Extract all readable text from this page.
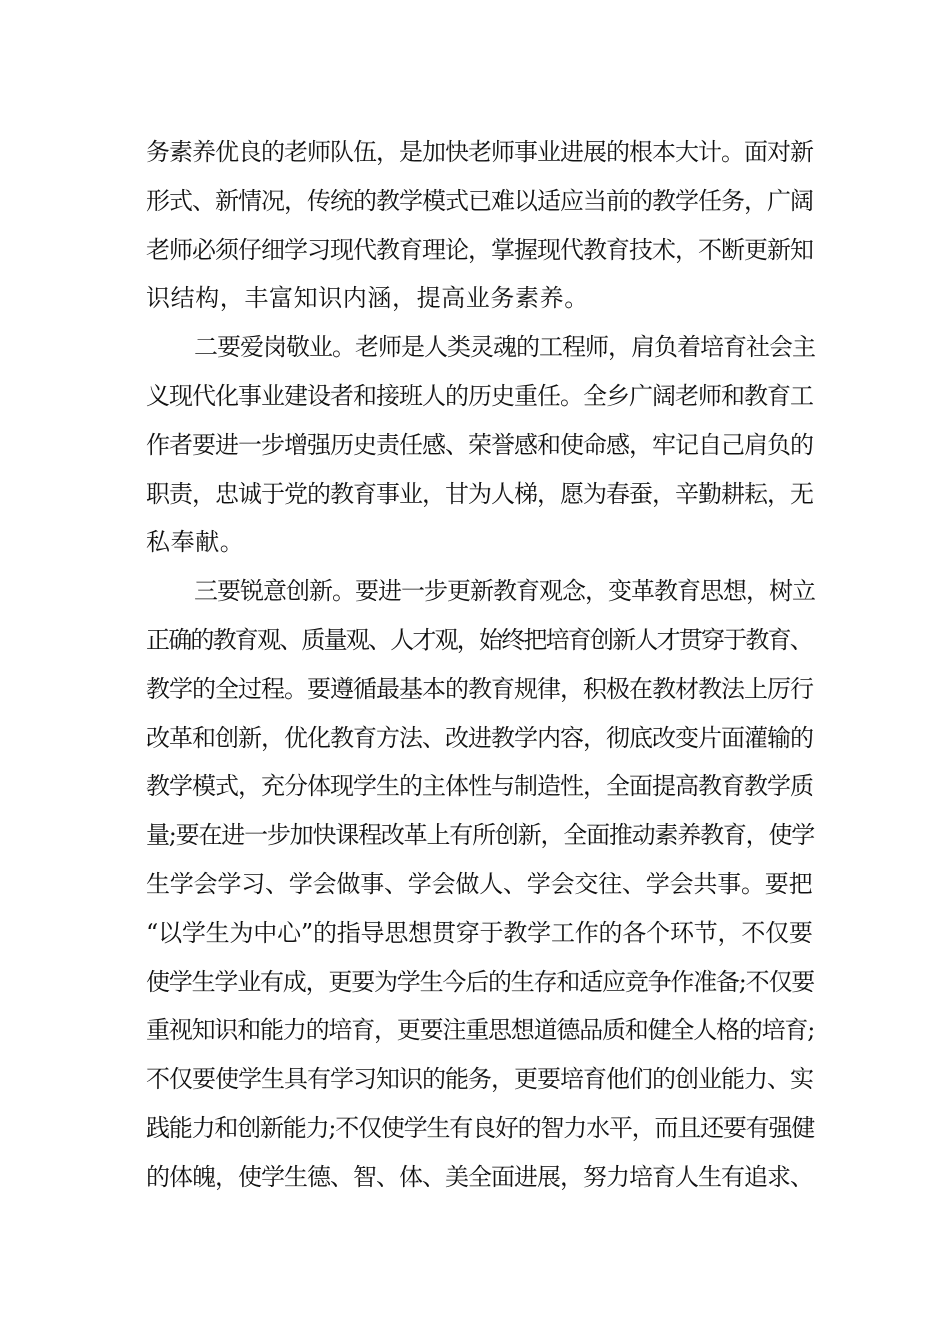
务素养优良的老师队伍，是加快老师事业进展的根本大计。面对新
形式、新情况，传统的教学模式已难以适应当前的教学任务，广阔
老师必须仔细学习现代教育理论，掌握现代教育技术，不断更新知
识结构，丰富知识内涵，提高业务素养。
二要爱岗敬业。老师是人类灵魂的工程师，肩负着培育社会主
义现代化事业建设者和接班人的历史重任。全乡广阔老师和教育工
作者要进一步增强历史责任感、荣誉感和使命感，牢记自己肩负的
职责，忠诚于党的教育事业，甘为人梯，愿为春蚕，辛勤耕耘，无
私奉献。
三要锐意创新。要进一步更新教育观念，变革教育思想，树立
正确的教育观、质量观、人才观，始终把培育创新人才贯穿于教育、
教学的全过程。要遵循最基本的教育规律，积极在教材教法上厉行
改革和创新，优化教育方法、改进教学内容，彻底改变片面灌输的
教学模式，充分体现学生的主体性与制造性，全面提高教育教学质
量;要在进一步加快课程改革上有所创新，全面推动素养教育，使学
生学会学习、学会做事、学会做人、学会交往、学会共事。要把
“以学生为中心”的指导思想贯穿于教学工作的各个环节，不仅要
使学生学业有成，更要为学生今后的生存和适应竞争作准备;不仅要
重视知识和能力的培育，更要注重思想道德品质和健全人格的培育;
不仅要使学生具有学习知识的能务，更要培育他们的创业能力、实
践能力和创新能力;不仅使学生有良好的智力水平，而且还要有强健
的体魄，使学生德、智、体、美全面进展，努力培育人生有追求、
